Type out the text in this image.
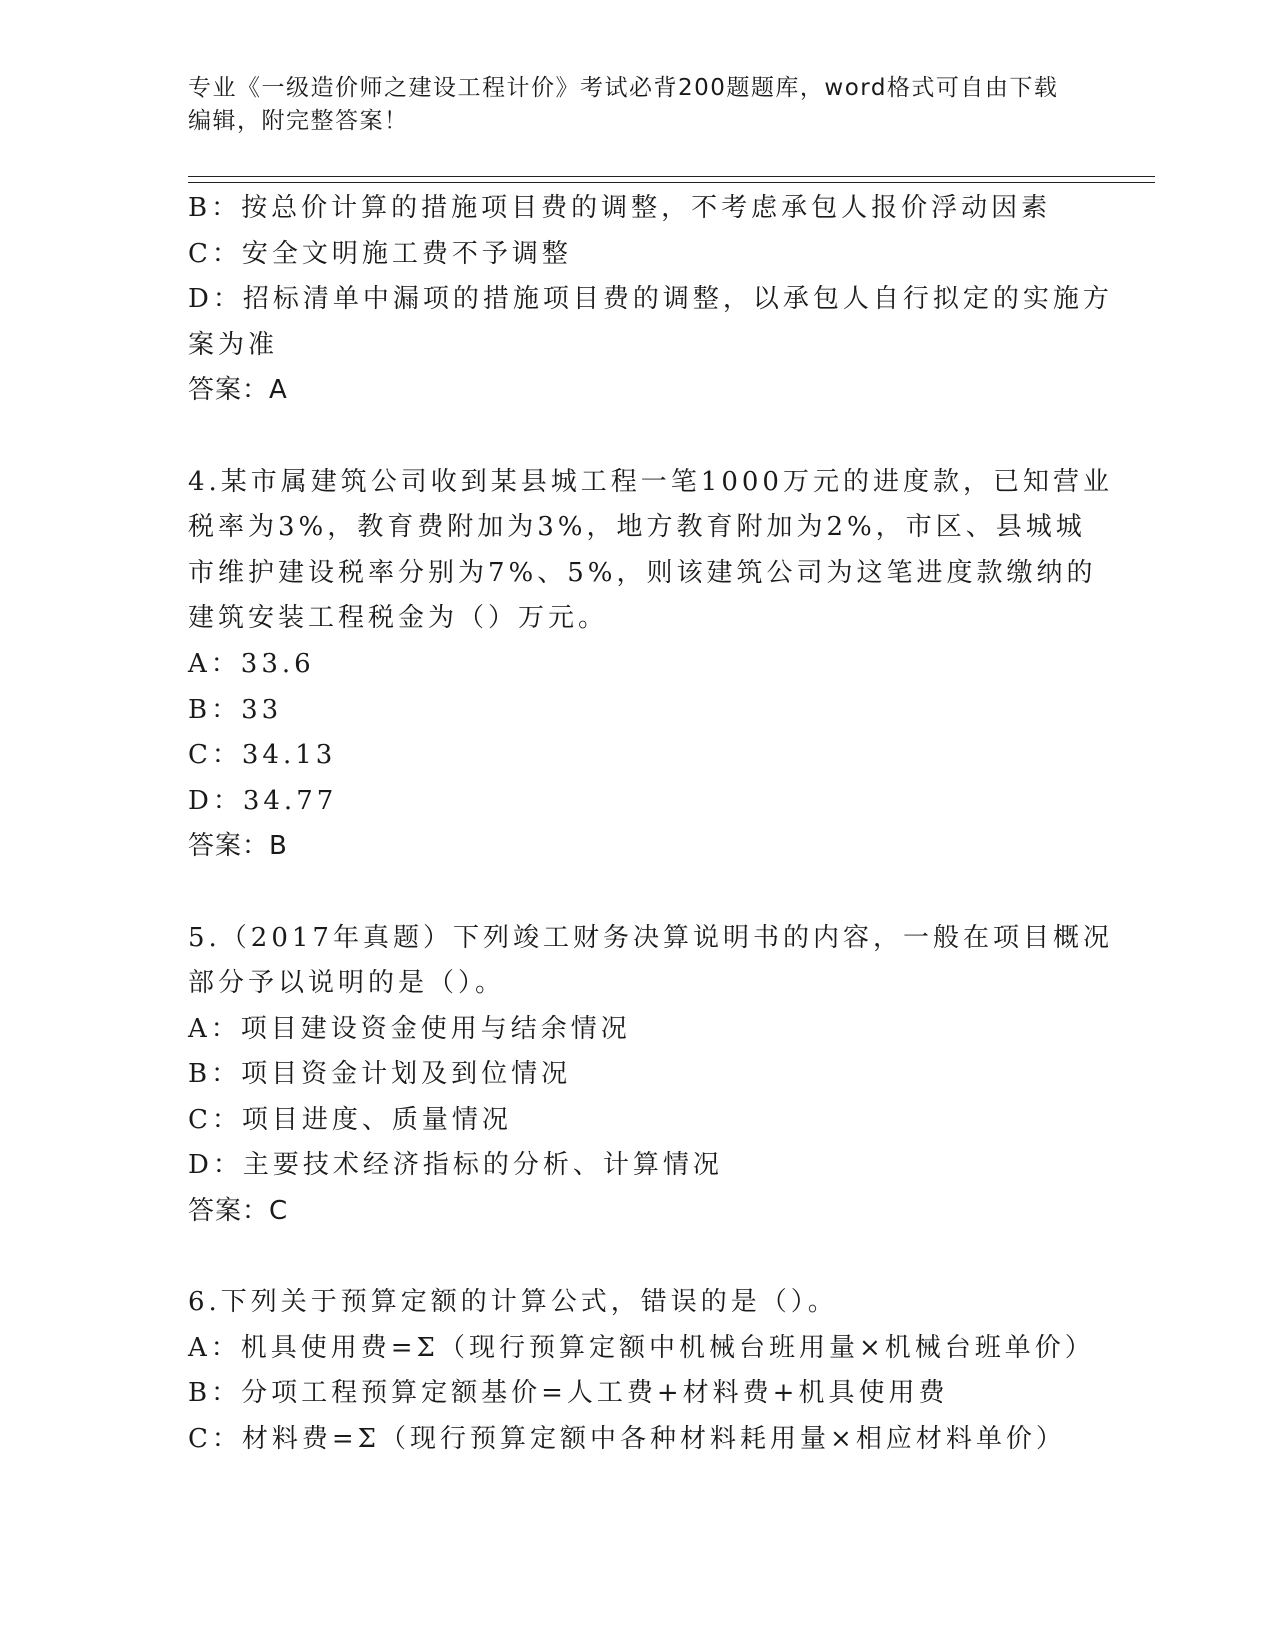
专业《一级造价师之建设工程计价》考试必背200题题库，word格式可自由下载
编辑，附完整答案！
B：按总价计算的措施项目费的调整，不考虑承包人报价浮动因素
C：安全文明施工费不予调整
D：招标清单中漏项的措施项目费的调整，以承包人自行拟定的实施方
案为准
答案：A
4.某市属建筑公司收到某县城工程一笔1000万元的进度款，已知营业
税率为3%，教育费附加为3%，地方教育附加为2%，市区、县城城
市维护建设税率分别为7%、5%，则该建筑公司为这笔进度款缴纳的
建筑安装工程税金为（）万元。
A：33.6
B：33
C：34.13
D：34.77
答案：B
5.（2017年真题）下列竣工财务决算说明书的内容，一般在项目概况
部分予以说明的是（）。
A：项目建设资金使用与结余情况
B：项目资金计划及到位情况
C：项目进度、质量情况
D：主要技术经济指标的分析、计算情况
答案：C
6.下列关于预算定额的计算公式，错误的是（）。
A：机具使用费=Σ（现行预算定额中机械台班用量×机械台班单价）
B：分项工程预算定额基价=人工费+材料费+机具使用费
C：材料费=Σ（现行预算定额中各种材料耗用量×相应材料单价）
